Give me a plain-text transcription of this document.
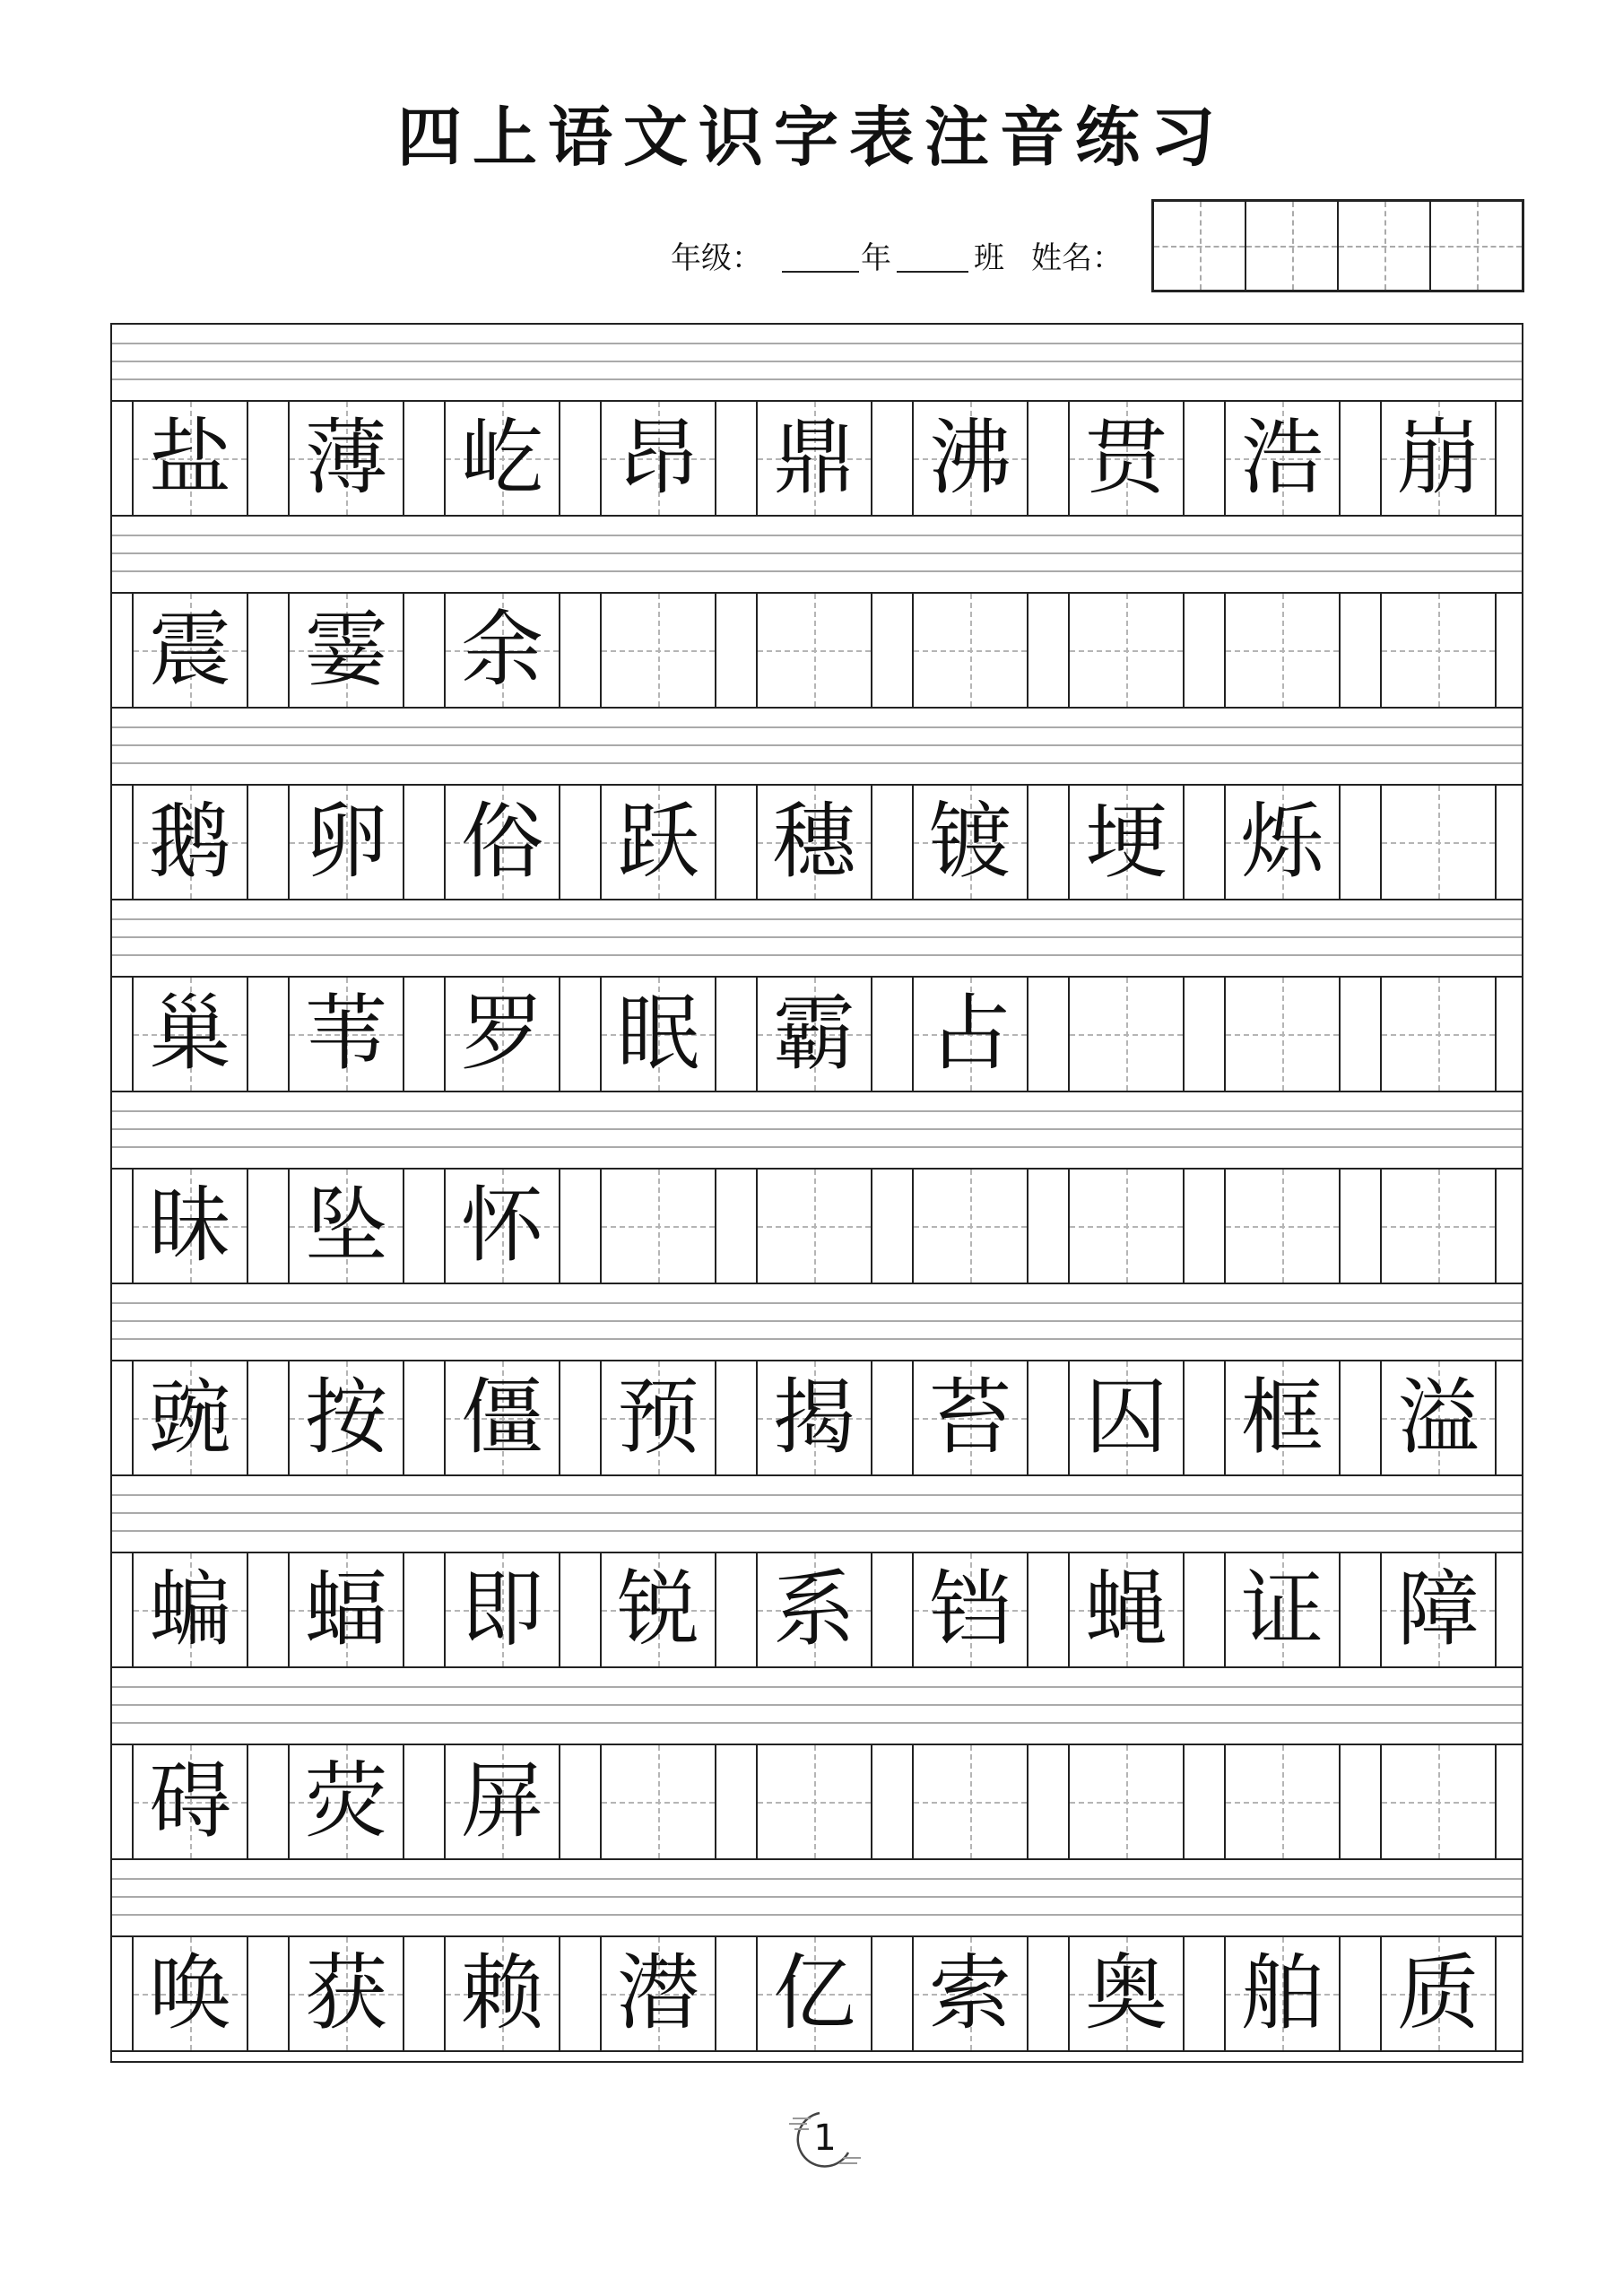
四上语文识字表注音练习
年级：	年	班 姓名：
盐 薄 屹 昂 鼎 沸 贯 浩 崩
震 霎 余
鹅 卵 俗 跃 穗 镀 埂 烁
巢 苇 罗 眠 霸 占
昧 坠 怀
豌 按 僵 预 揭 苔 囚 框 溢
蝙 蝠 即 锐 系 铛 蝇 证 障
碍 荧 屏
唤 获 赖 潜 亿 索 奥 舶 质
1
